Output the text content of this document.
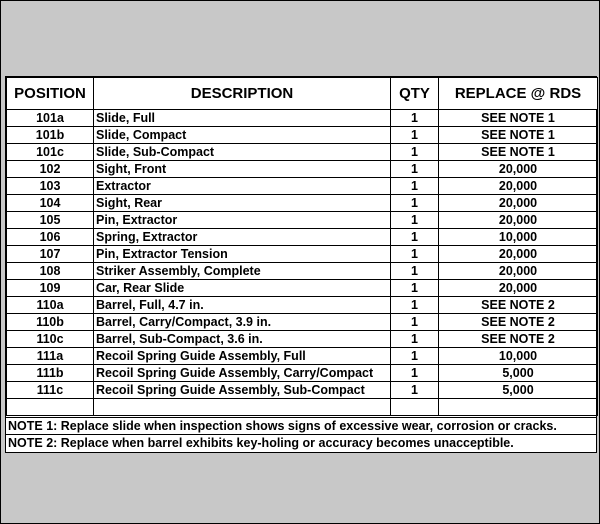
POSITION	DESCRIPTION	QTY	REPLACE @ RDS
101a	Slide, Full	1	SEE NOTE 1
101b	Slide, Compact	1	SEE NOTE 1
101c	Slide, Sub-Compact	1	SEE NOTE 1
102	Sight, Front	1	20,000
103	Extractor	1	20,000
104	Sight, Rear	1	20,000
105	Pin, Extractor	1	20,000
106	Spring, Extractor	1	10,000
107	Pin, Extractor Tension	1	20,000
108	Striker Assembly, Complete	1	20,000
109	Car, Rear Slide	1	20,000
110a	Barrel, Full, 4.7 in.	1	SEE NOTE 2
110b	Barrel, Carry/Compact, 3.9 in.	1	SEE NOTE 2
110c	Barrel, Sub-Compact, 3.6 in.	1	SEE NOTE 2
111a	Recoil Spring Guide Assembly, Full	1	10,000
111b	Recoil Spring Guide Assembly, Carry/Compact	1	5,000
111c	Recoil Spring Guide Assembly, Sub-Compact	1	5,000

NOTE 1: Replace slide when inspection shows signs of excessive wear, corrosion or cracks.
NOTE 2: Replace when barrel exhibits key-holing or accuracy becomes unacceptible.
